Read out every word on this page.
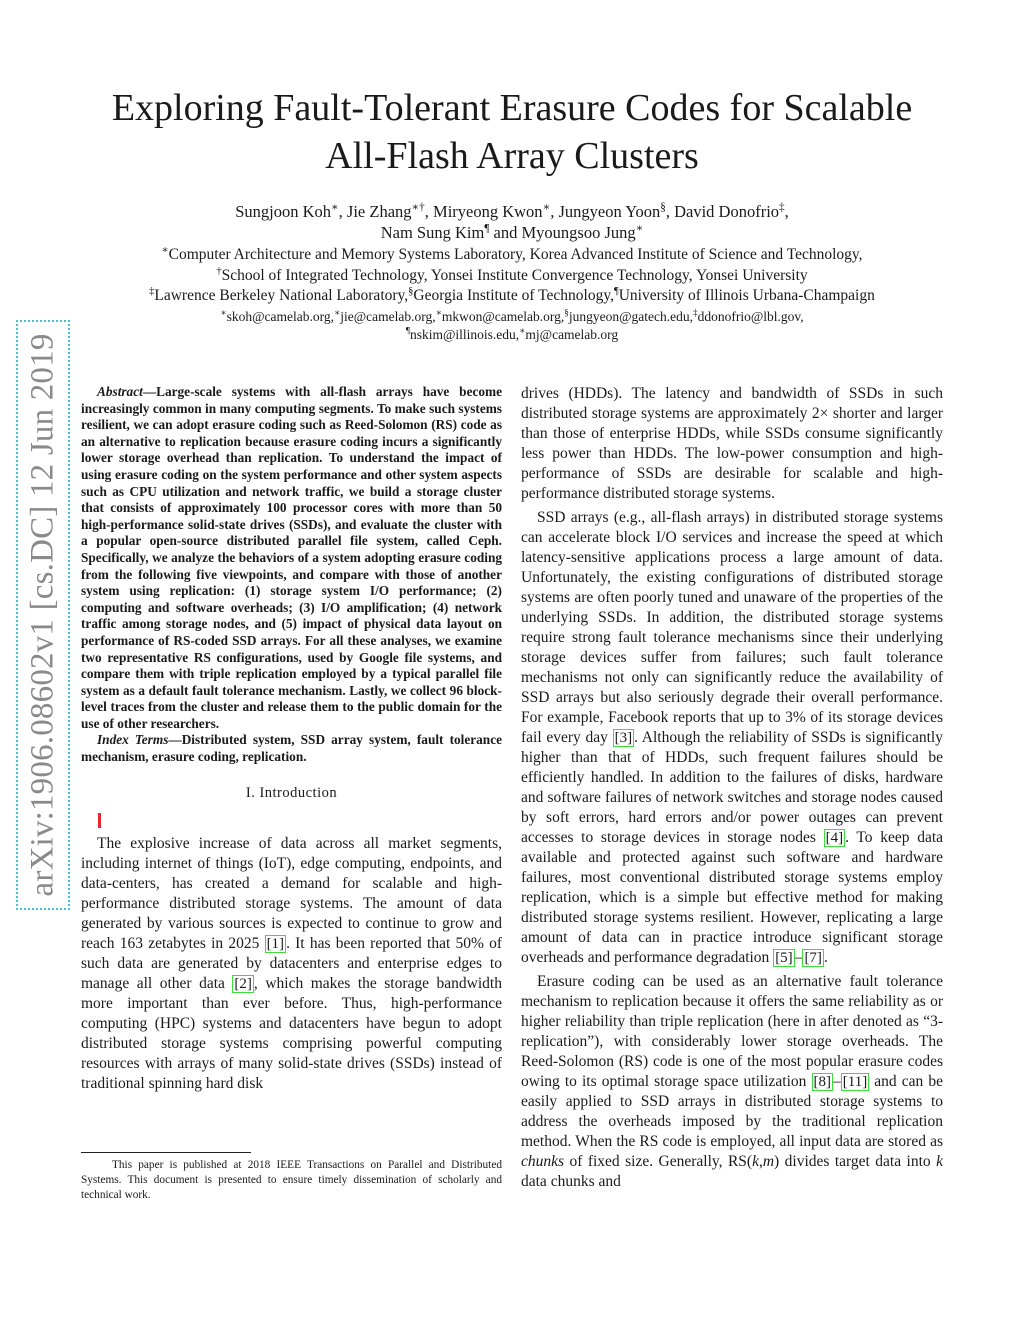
arXiv:1906.08602v1 [cs.DC] 12 Jun 2019
Exploring Fault-Tolerant Erasure Codes for Scalable
All-Flash Array Clusters
Sungjoon Koh∗, Jie Zhang∗†, Miryeong Kwon∗, Jungyeon Yoon§, David Donofrio‡,
Nam Sung Kim¶ and Myoungsoo Jung∗
∗Computer Architecture and Memory Systems Laboratory, Korea Advanced Institute of Science and Technology,
†School of Integrated Technology, Yonsei Institute Convergence Technology, Yonsei University
‡Lawrence Berkeley National Laboratory,§Georgia Institute of Technology,¶University of Illinois Urbana-Champaign
∗skoh@camelab.org,∗jie@camelab.org,∗mkwon@camelab.org,§jungyeon@gatech.edu,‡ddonofrio@lbl.gov,
¶nskim@illinois.edu,∗mj@camelab.org

Abstract—Large-scale systems with all-flash arrays have become increasingly common in many computing segments. To make such systems resilient, we can adopt erasure coding such as Reed-Solomon (RS) code as an alternative to replication because erasure coding incurs a significantly lower storage overhead than replication. To understand the impact of using erasure coding on the system performance and other system aspects such as CPU utilization and network traffic, we build a storage cluster that consists of approximately 100 processor cores with more than 50 high-performance solid-state drives (SSDs), and evaluate the cluster with a popular open-source distributed parallel file system, called Ceph. Specifically, we analyze the behaviors of a system adopting erasure coding from the following five viewpoints, and compare with those of another system using replication: (1) storage system I/O performance; (2) computing and software overheads; (3) I/O amplification; (4) network traffic among storage nodes, and (5) impact of physical data layout on performance of RS-coded SSD arrays. For all these analyses, we examine two representative RS configurations, used by Google file systems, and compare them with triple replication employed by a typical parallel file system as a default fault tolerance mechanism. Lastly, we collect 96 block-level traces from the cluster and release them to the public domain for the use of other researchers.

Index Terms—Distributed system, SSD array system, fault tolerance mechanism, erasure coding, replication.

I. Introduction

The explosive increase of data across all market segments, including internet of things (IoT), edge computing, endpoints, and data-centers, has created a demand for scalable and high-performance distributed storage systems. The amount of data generated by various sources is expected to continue to grow and reach 163 zetabytes in 2025 [1] . It has been reported that 50% of such data are generated by datacenters and enterprise edges to manage all other data [2] , which makes the storage bandwidth more important than ever before. Thus, high-performance computing (HPC) systems and datacenters have begun to adopt distributed storage systems comprising powerful computing resources with arrays of many solid-state drives (SSDs) instead of traditional spinning hard disk

This paper is published at 2018 IEEE Transactions on Parallel and Distributed Systems. This document is presented to ensure timely dissemination of scholarly and technical work.

drives (HDDs). The latency and bandwidth of SSDs in such distributed storage systems are approximately 2× shorter and larger than those of enterprise HDDs, while SSDs consume significantly less power than HDDs. The low-power consumption and high-performance of SSDs are desirable for scalable and high-performance distributed storage systems.

SSD arrays (e.g., all-flash arrays) in distributed storage systems can accelerate block I/O services and increase the speed at which latency-sensitive applications process a large amount of data. Unfortunately, the existing configurations of distributed storage systems are often poorly tuned and unaware of the properties of the underlying SSDs. In addition, the distributed storage systems require strong fault tolerance mechanisms since their underlying storage devices suffer from failures; such fault tolerance mechanisms not only can significantly reduce the availability of SSD arrays but also seriously degrade their overall performance. For example, Facebook reports that up to 3% of its storage devices fail every day [3] . Although the reliability of SSDs is significantly higher than that of HDDs, such frequent failures should be efficiently handled. In addition to the failures of disks, hardware and software failures of network switches and storage nodes caused by soft errors, hard errors and/or power outages can prevent accesses to storage devices in storage nodes [4] . To keep data available and protected against such software and hardware failures, most conventional distributed storage systems employ replication, which is a simple but effective method for making distributed storage systems resilient. However, replicating a large amount of data can in practice introduce significant storage overheads and performance degradation [5] – [7] .

Erasure coding can be used as an alternative fault tolerance mechanism to replication because it offers the same reliability as or higher reliability than triple replication (here in after denoted as “3-replication”), with considerably lower storage overheads. The Reed-Solomon (RS) code is one of the most popular erasure codes owing to its optimal storage space utilization [8] – [11] and can be easily applied to SSD arrays in distributed storage systems to address the overheads imposed by the traditional replication method. When the RS code is employed, all input data are stored as chunks of fixed size. Generally, RS(k,m) divides target data into k data chunks and
